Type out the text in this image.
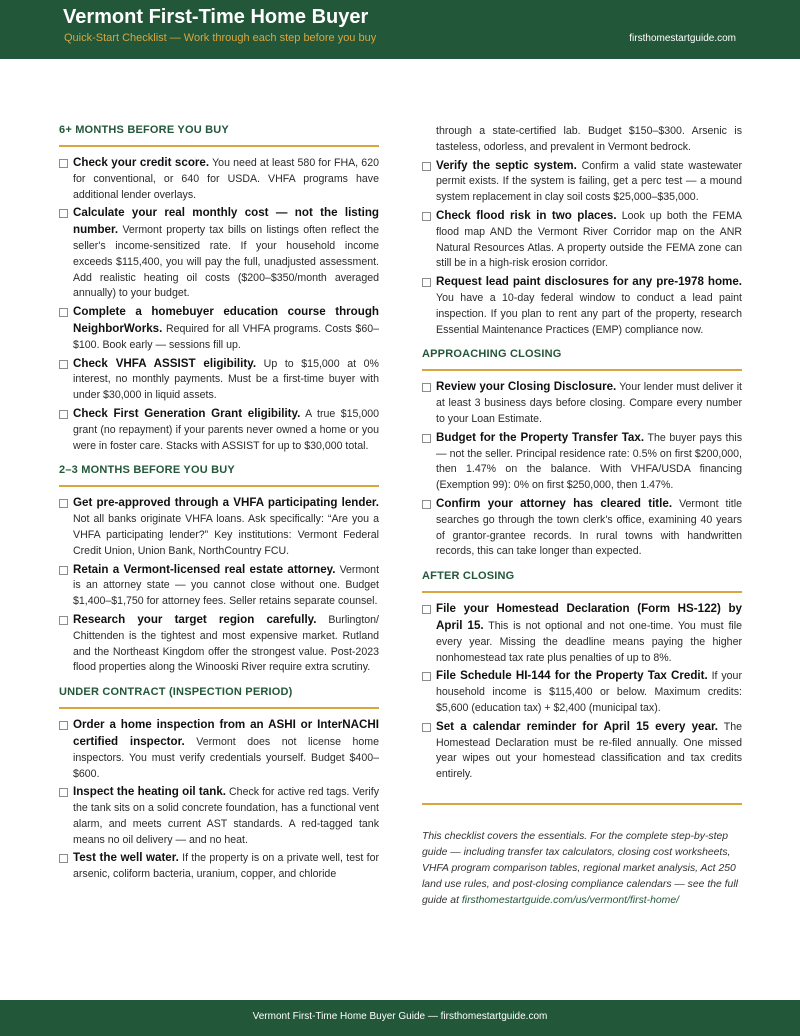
Vermont First-Time Home Buyer
Quick-Start Checklist — Work through each step before you buy	firsthomestartguide.com
6+ MONTHS BEFORE YOU BUY

Check your credit score. You need at least 580 for FHA, 620 for conventional, or 640 for USDA. VHFA programs have additional lender overlays.

Calculate your real monthly cost — not the listing number. Vermont property tax bills on listings often reflect the seller's income-sensitized rate. If your household income exceeds $115,400, you will pay the full, unadjusted assessment. Add realistic heating oil costs ($200–$350/month averaged annually) to your budget.

Complete a homebuyer education course through NeighborWorks. Required for all VHFA programs. Costs $60–$100. Book early — sessions fill up.

Check VHFA ASSIST eligibility. Up to $15,000 at 0% interest, no monthly payments. Must be a first-time buyer with under $30,000 in liquid assets.

Check First Generation Grant eligibility. A true $15,000 grant (no repayment) if your parents never owned a home or you were in foster care. Stacks with ASSIST for up to $30,000 total.

2–3 MONTHS BEFORE YOU BUY

Get pre-approved through a VHFA participating lender. Not all banks originate VHFA loans. Ask specifically: “Are you a VHFA participating lender?” Key institutions: Vermont Federal Credit Union, Union Bank, NorthCountry FCU.

Retain a Vermont-licensed real estate attorney. Vermont is an attorney state — you cannot close without one. Budget $1,400–$1,750 for attorney fees. Seller retains separate counsel.

Research your target region carefully. Burlington/ Chittenden is the tightest and most expensive market. Rutland and the Northeast Kingdom offer the strongest value. Post-2023 flood properties along the Winooski River require extra scrutiny.

UNDER CONTRACT (INSPECTION PERIOD)

Order a home inspection from an ASHI or InterNACHI certified inspector. Vermont does not license home inspectors. You must verify credentials yourself. Budget $400–$600.

Inspect the heating oil tank. Check for active red tags. Verify the tank sits on a solid concrete foundation, has a functional vent alarm, and meets current AST standards. A red-tagged tank means no oil delivery — and no heat.

Test the well water. If the property is on a private well, test for arsenic, coliform bacteria, uranium, copper, and chloride

through a state-certified lab. Budget $150–$300. Arsenic is tasteless, odorless, and prevalent in Vermont bedrock.

Verify the septic system. Confirm a valid state wastewater permit exists. If the system is failing, get a perc test — a mound system replacement in clay soil costs $25,000–$35,000.

Check flood risk in two places. Look up both the FEMA flood map AND the Vermont River Corridor map on the ANR Natural Resources Atlas. A property outside the FEMA zone can still be in a high-risk erosion corridor.

Request lead paint disclosures for any pre-1978 home. You have a 10-day federal window to conduct a lead paint inspection. If you plan to rent any part of the property, research Essential Maintenance Practices (EMP) compliance now.

APPROACHING CLOSING

Review your Closing Disclosure. Your lender must deliver it at least 3 business days before closing. Compare every number to your Loan Estimate.

Budget for the Property Transfer Tax. The buyer pays this — not the seller. Principal residence rate: 0.5% on first $200,000, then 1.47% on the balance. With VHFA/USDA financing (Exemption 99): 0% on first $250,000, then 1.47%.

Confirm your attorney has cleared title. Vermont title searches go through the town clerk's office, examining 40 years of grantor-grantee records. In rural towns with handwritten records, this can take longer than expected.

AFTER CLOSING

File your Homestead Declaration (Form HS-122) by April 15. This is not optional and not one-time. You must file every year. Missing the deadline means paying the higher nonhomestead tax rate plus penalties of up to 8%.

File Schedule HI-144 for the Property Tax Credit. If your household income is $115,400 or below. Maximum credits: $5,600 (education tax) + $2,400 (municipal tax).

Set a calendar reminder for April 15 every year. The Homestead Declaration must be re-filed annually. One missed year wipes out your homestead classification and tax credits entirely.

This checklist covers the essentials. For the complete step-by-step guide — including transfer tax calculators, closing cost worksheets, VHFA program comparison tables, regional market analysis, Act 250 land use rules, and post-closing compliance calendars — see the full guide at firsthomestartguide.com/us/vermont/first-home/
Vermont First-Time Home Buyer Guide — firsthomestartguide.com
